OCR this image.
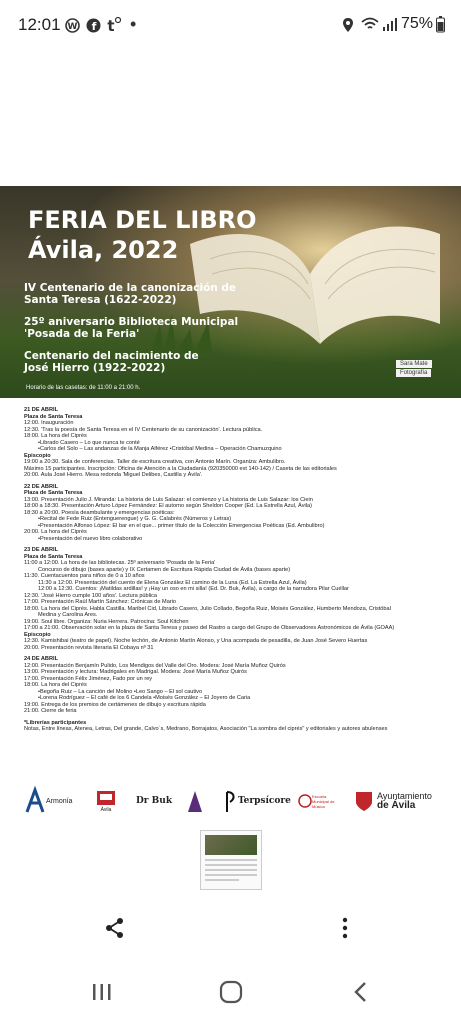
12:01 W f t •	75%
FERIA DEL LIBRO
Ávila, 2022
IV Centenario de la canonización de
Santa Teresa (1622-2022)
25º aniversario Biblioteca Municipal
'Posada de la Feria'
Centenario del nacimiento de
José Hierro (1922-2022)	Sara Mate
Fotografía
Horario de las casetas: de 11:00 a 21:00 h.
21 DE ABRIL
Plaza de Santa Teresa
12:00. Inauguración
12:30. 'Tras la poesía de Santa Teresa en el IV Centenario de su canonización'. Lectura pública.
18:00. La hora del Ciprés
•Librado Casero – Lo que nunca te conté
•Carlos del Solo – Las andanzas de la Manja Alférez •Cristóbal Medina – Operación Chamuzquino
Episcopio
19:00 a 20:30. Sala de conferencias. Taller de escritura creativa, con Antonio Marín. Organiza: Ambulibro.
Máximo 15 participantes. Inscripción: Oficina de Atención a la Ciudadanía (920350000 ext 140-142) / Caseta de las editoriales
20:00. Aula José Hierro. Mesa redonda 'Miguel Delibes, Castilla y Ávila'.
22 DE ABRIL
Plaza de Santa Teresa
13:00. Presentación Julio J. Miranda: La historia de Luis Salazar: el comienzo y La historia de Luis Salazar: los Ciein
18:00 a 18:30. Presentación Arturo López Fernández: El autorno según Sheldon Cooper (Ed. La Estrella Azul, Ávila)
18:30 a 20:00. Poesía deambulante y emergencias poéticas:
•Recital de Fede Ruiz (Entenguerengue) y G. G. Calabrés (Números y Letras)
•Presentación Alfonso López: El bar en el que... primer título de la Colección Emergencias Poéticas (Ed. Ambulibro)
20:00. La hora del Ciprés
•Presentación del nuevo libro colaborativo
23 DE ABRIL
Plaza de Santa Teresa
11:00 a 12:00. La hora de las bibliotecas. 25º aniversario 'Posada de la Feria'
Concurso de dibujo (bases aparte) y IX Certamen de Escritura Rápida Ciudad de Ávila (bases aparte)
11:30. Cuentacuentos para niños de 0 a 10 años
11:30 a 12:00. Presentación del cuento de Elena González El camino de la Luna (Ed. La Estrella Azul, Ávila)
12:00 a 12:30. Cuentos: ¡Matildas ardillas! y ¡Hay un oso en mi silla! (Ed. Dr. Buk, Ávila), a cargo de la narradora Pilar Cuéllar
12:30. 'José Hierro cumple 100 años'. Lectura pública
17:00. Presentación Raúl Martín Sánchez: Crónicas de Mario
18:00. La hora del Ciprés. Habla Castilla. Maribel Cid, Librado Casero, Julio Collado, Begoña Ruiz, Moisés González, Humberto Mendoza, Cristóbal
Medina y Carolina Ares.
19:00. Soul libre. Organiza: Nuria Herrera. Patrocina: Soul Kitchen
17:00 a 21:00. Observación solar en la plaza de Santa Teresa y paseo del Rastro a cargo del Grupo de Observadores Astronómicos de Ávila (GOAA)
Episcopio
12:30. Kamishibai (teatro de papel). Noche lechón, de Antonio Martín Alonso, y Una acompada de pesadilla, de Juan José Severo Huertas
20:00. Presentación revista literaria El Cobaya nº 31
24 DE ABRIL
12:00. Presentación Benjamín Pulido, Los Mendigos del Valle del Oro. Modera: José María Muñoz Quirós
13:00. Presentación y lectura: Madrigales en Madrigal. Modera: José María Muñoz Quirós
17:00. Presentación Félix Jiménez, Fado por un rey
18:00. La hora del Ciprés
•Begoña Ruiz – La canción del Molino •Leo Sango – El sol cautivo
•Lorena Rodríguez – El café de los 6 Candela •Moisés González – El Joyero de Caria
19:00. Entrega de los premios de certámenes de dibujo y escritura rápida
21:00. Cierre de feria
*Librerías participantes
Notas, Entre líneas, Atenea, Letras, Del grande, Calvo´s, Medrano, Borrajatos, Asociación "La sombra del ciprés" y editoriales y autores abulenses
Armonía
Ávila
Dr Buk	Terpsícore	Escuela Municipal de Música
Ayuntamiento
de Ávila
